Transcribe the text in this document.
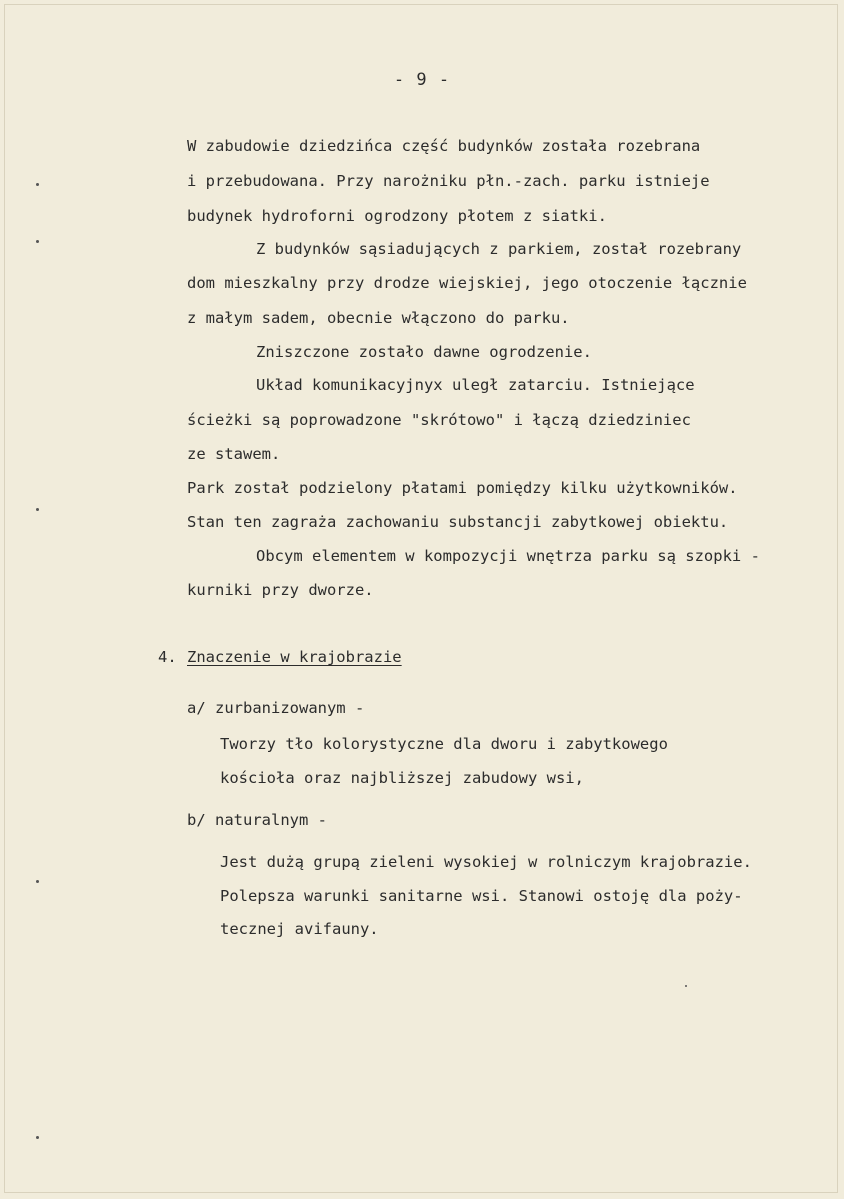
- 9 -
W zabudowie dziedzińca część budynków została rozebrana
i przebudowana. Przy narożniku płn.-zach. parku istnieje
budynek hydroforni ogrodzony płotem z siatki.
Z budynków sąsiadujących z parkiem, został rozebrany
dom mieszkalny przy drodze wiejskiej, jego otoczenie łącznie
z małym sadem, obecnie włączono do parku.
Zniszczone zostało dawne ogrodzenie.
Układ komunikacyjnyx uległ zatarciu. Istniejące
ścieżki są poprowadzone "skrótowo" i łączą dziedziniec
ze stawem.
Park został podzielony płatami pomiędzy kilku użytkowników.
Stan ten zagraża zachowaniu substancji zabytkowej obiektu.
Obcym elementem w kompozycji wnętrza parku są szopki -
kurniki przy dworze.
4. Znaczenie w krajobrazie
a/ zurbanizowanym -
Tworzy tło kolorystyczne dla dworu i zabytkowego
kościoła oraz najbliższej zabudowy wsi,
b/ naturalnym -
Jest dużą grupą zieleni wysokiej w rolniczym krajobrazie.
Polepsza warunki sanitarne wsi. Stanowi ostoję dla poży-
tecznej avifauny.
